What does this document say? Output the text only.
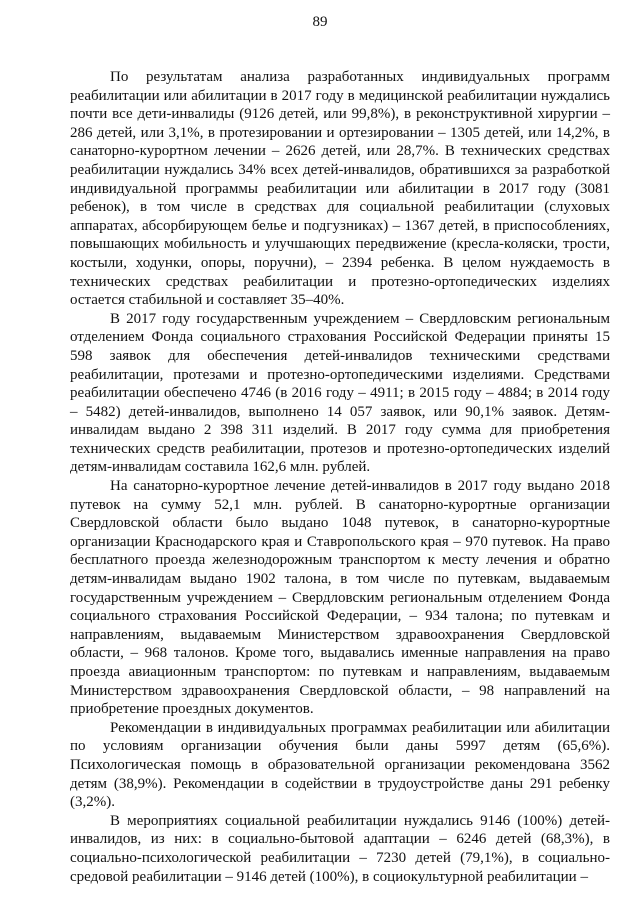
89

По результатам анализа разработанных индивидуальных программ реабилитации или абилитации в 2017 году в медицинской реабилитации нуждались почти все дети-инвалиды (9126 детей, или 99,8%), в реконструктивной хирургии – 286 детей, или 3,1%, в протезировании и ортезировании – 1305 детей, или 14,2%, в санаторно-курортном лечении – 2626 детей, или 28,7%. В технических средствах реабилитации нуждались 34% всех детей-инвалидов, обратившихся за разработкой индивидуальной программы реабилитации или абилитации в 2017 году (3081 ребенок), в том числе в средствах для социальной реабилитации (слуховых аппаратах, абсорбирующем белье и подгузниках) – 1367 детей, в приспособлениях, повышающих мобильность и улучшающих передвижение (кресла-коляски, трости, костыли, ходунки, опоры, поручни), – 2394 ребенка. В целом нуждаемость в технических средствах реабилитации и протезно-ортопедических изделиях остается стабильной и составляет 35–40%.

В 2017 году государственным учреждением – Свердловским региональным отделением Фонда социального страхования Российской Федерации приняты 15 598 заявок для обеспечения детей-инвалидов техническими средствами реабилитации, протезами и протезно-ортопедическими изделиями. Средствами реабилитации обеспечено 4746 (в 2016 году – 4911; в 2015 году – 4884; в 2014 году – 5482) детей-инвалидов, выполнено 14 057 заявок, или 90,1% заявок. Детям-инвалидам выдано 2 398 311 изделий. В 2017 году сумма для приобретения технических средств реабилитации, протезов и протезно-ортопедических изделий детям-инвалидам составила 162,6 млн. рублей.

На санаторно-курортное лечение детей-инвалидов в 2017 году выдано 2018 путевок на сумму 52,1 млн. рублей. В санаторно-курортные организации Свердловской области было выдано 1048 путевок, в санаторно-курортные организации Краснодарского края и Ставропольского края – 970 путевок. На право бесплатного проезда железнодорожным транспортом к месту лечения и обратно детям-инвалидам выдано 1902 талона, в том числе по путевкам, выдаваемым государственным учреждением – Свердловским региональным отделением Фонда социального страхования Российской Федерации, – 934 талона; по путевкам и направлениям, выдаваемым Министерством здравоохранения Свердловской области, – 968 талонов. Кроме того, выдавались именные направления на право проезда авиационным транспортом: по путевкам и направлениям, выдаваемым Министерством здравоохранения Свердловской области, – 98 направлений на приобретение проездных документов.

Рекомендации в индивидуальных программах реабилитации или абилитации по условиям организации обучения были даны 5997 детям (65,6%). Психологическая помощь в образовательной организации рекомендована 3562 детям (38,9%). Рекомендации в содействии в трудоустройстве даны 291 ребенку (3,2%).

В мероприятиях социальной реабилитации нуждались 9146 (100%) детей-инвалидов, из них: в социально-бытовой адаптации – 6246 детей (68,3%), в социально-психологической реабилитации – 7230 детей (79,1%), в социально-средовой реабилитации – 9146 детей (100%), в социокультурной реабилитации –
